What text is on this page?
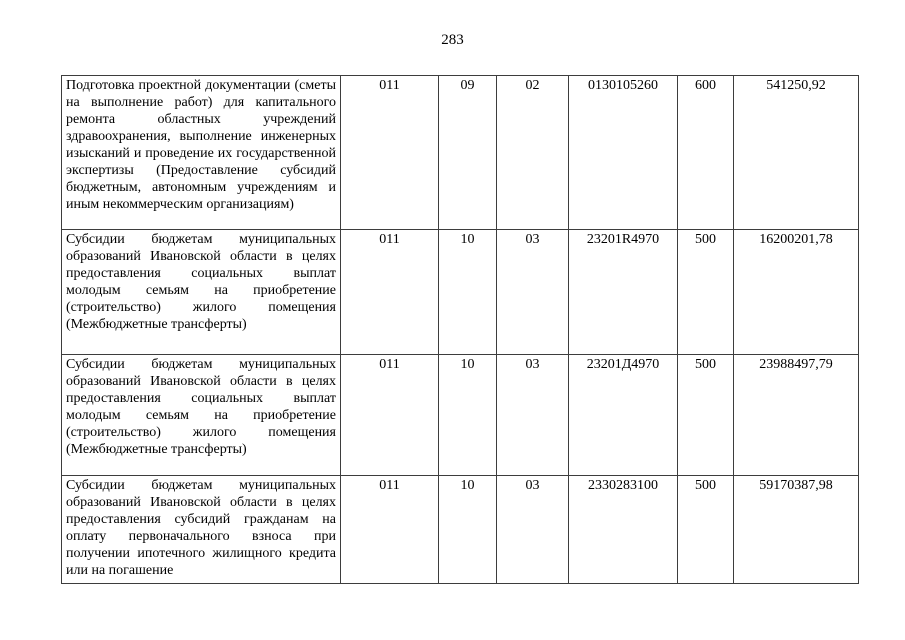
283
Подготовка проектной документации (сметы на выполнение работ) для капитального ремонта областных учреждений здравоохранения, выполнение инженерных изысканий и проведение их государственной экспертизы (Предоставление субсидий бюджетным, автономным учреждениям и иным некоммерческим организациям)	011	09	02	0130105260	600	541250,92
Субсидии бюджетам муниципальных образований Ивановской области в целях предоставления социальных выплат молодым семьям на приобретение (строительство) жилого помещения (Межбюджетные трансферты)	011	10	03	23201R4970	500	16200201,78
Субсидии бюджетам муниципальных образований Ивановской области в целях предоставления социальных выплат молодым семьям на приобретение (строительство) жилого помещения (Межбюджетные трансферты)	011	10	03	23201Д4970	500	23988497,79
Субсидии бюджетам муниципальных образований Ивановской области в целях предоставления субсидий гражданам на оплату первоначального взноса при получении ипотечного жилищного кредита или на погашение	011	10	03	2330283100	500	59170387,98
